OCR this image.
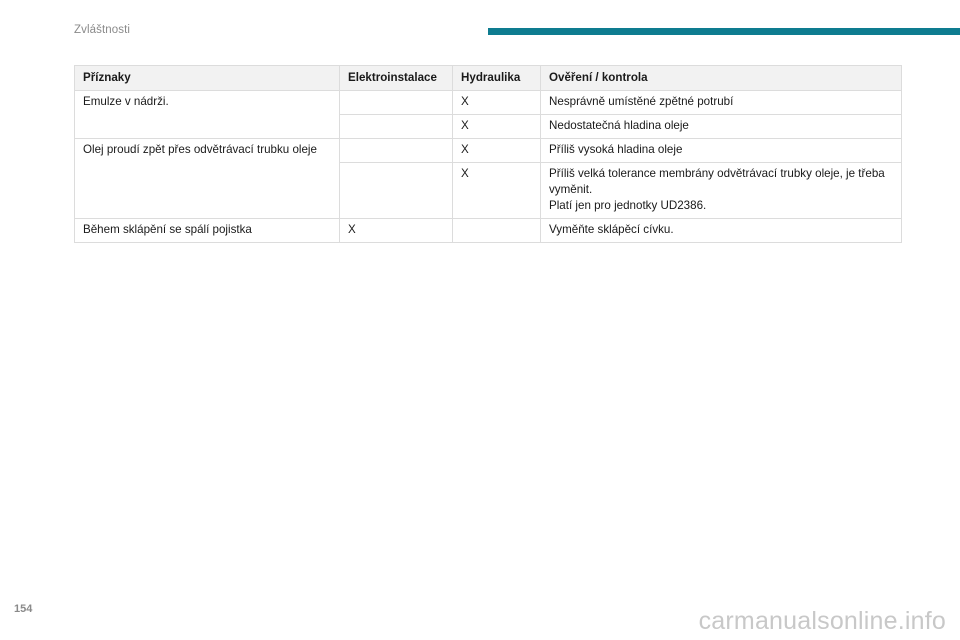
Zvláštnosti
Příznaky	Elektroinstalace	Hydraulika	Ověření / kontrola
Emulze v nádrži.		X	Nesprávně umístěné zpětné potrubí
		X	Nedostatečná hladina oleje
Olej proudí zpět přes odvětrávací trubku oleje		X	Příliš vysoká hladina oleje
		X	Příliš velká tolerance membrány odvětrávací trubky oleje, je třeba vyměnit.
Platí jen pro jednotky UD2386.
Během sklápění se spálí pojistka	X		Vyměňte sklápěcí cívku.
154	carmanualsonline.info
